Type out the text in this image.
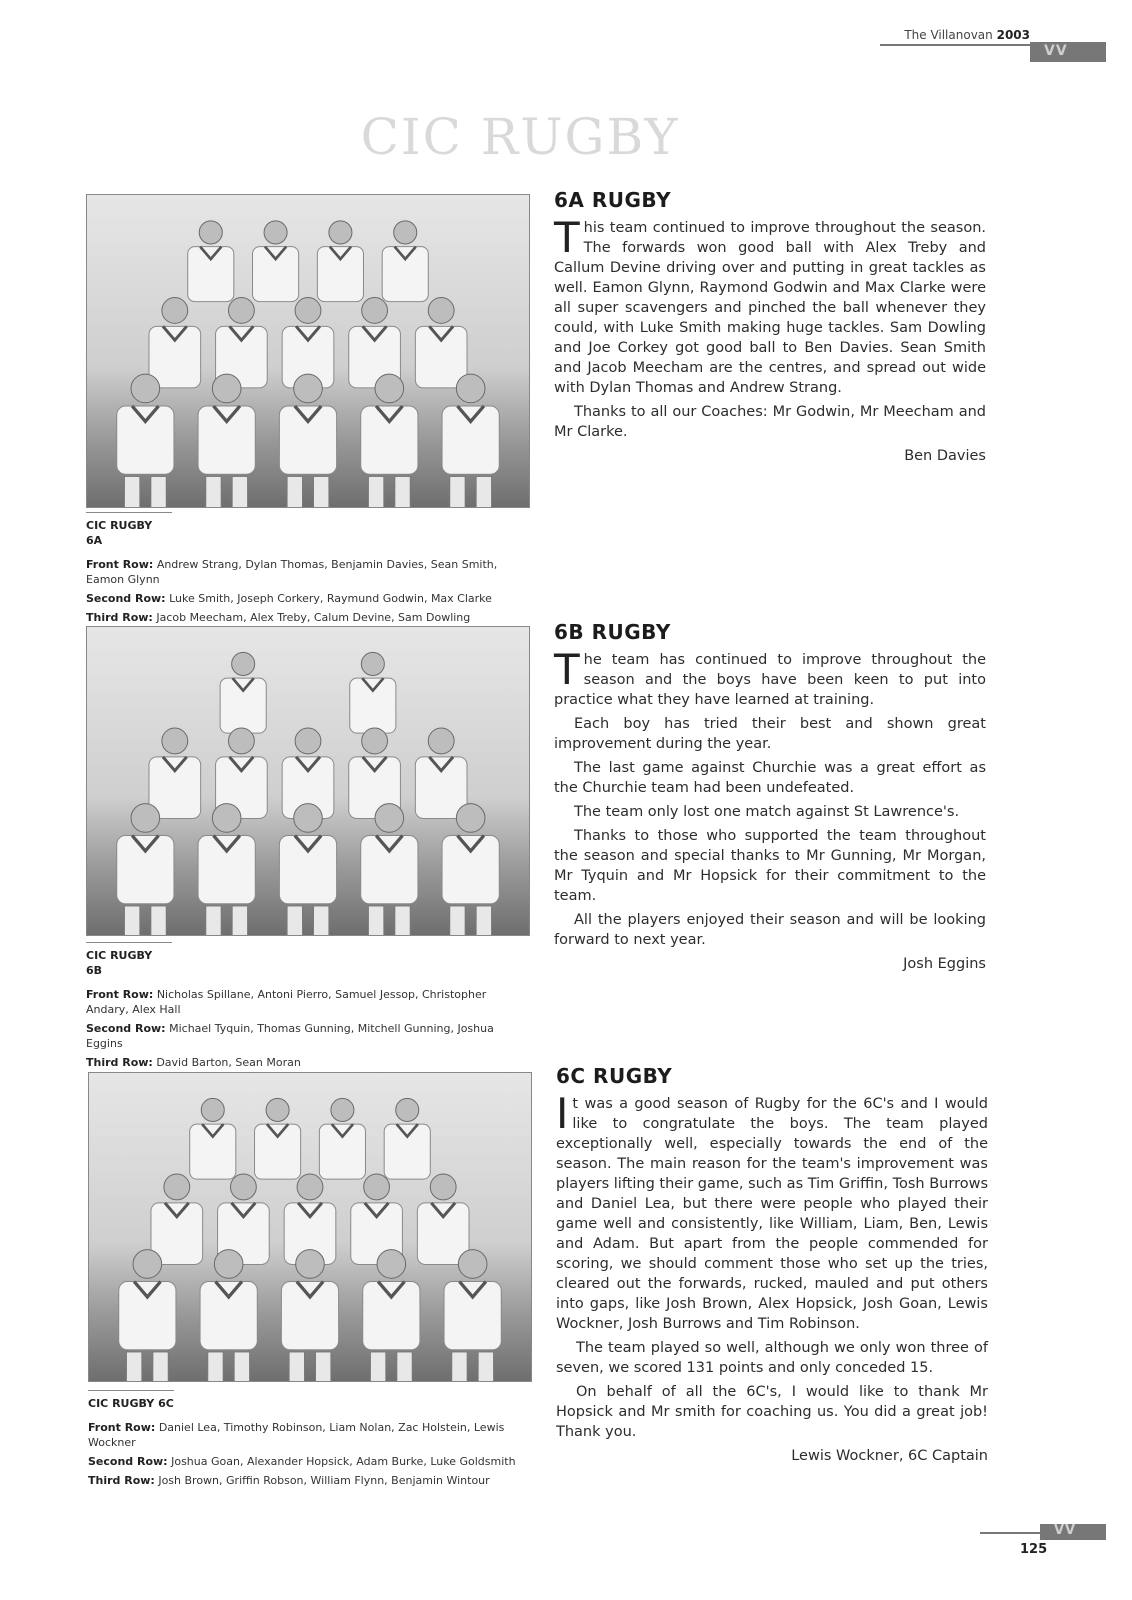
The Villanovan 2003
VV
CIC RUGBY
CIC RUGBY 6A
Front Row: Andrew Strang, Dylan Thomas, Benjamin Davies, Sean Smith, Eamon Glynn
Second Row: Luke Smith, Joseph Corkery, Raymund Godwin, Max Clarke
Third Row: Jacob Meecham, Alex Treby, Calum Devine, Sam Dowling
6A RUGBY

This team continued to improve throughout the season. The forwards won good ball with Alex Treby and Callum Devine driving over and putting in great tackles as well. Eamon Glynn, Raymond Godwin and Max Clarke were all super scavengers and pinched the ball whenever they could, with Luke Smith making huge tackles. Sam Dowling and Joe Corkey got good ball to Ben Davies. Sean Smith and Jacob Meecham are the centres, and spread out wide with Dylan Thomas and Andrew Strang.

Thanks to all our Coaches: Mr Godwin, Mr Meecham and Mr Clarke.

Ben Davies
CIC RUGBY 6B
Front Row: Nicholas Spillane, Antoni Pierro, Samuel Jessop, Christopher Andary, Alex Hall
Second Row: Michael Tyquin, Thomas Gunning, Mitchell Gunning, Joshua Eggins
Third Row: David Barton, Sean Moran
6B RUGBY

The team has continued to improve throughout the season and the boys have been keen to put into practice what they have learned at training.

Each boy has tried their best and shown great improvement during the year.

The last game against Churchie was a great effort as the Churchie team had been undefeated.

The team only lost one match against St Lawrence's.

Thanks to those who supported the team throughout the season and special thanks to Mr Gunning, Mr Morgan, Mr Tyquin and Mr Hopsick for their commitment to the team.

All the players enjoyed their season and will be looking forward to next year.

Josh Eggins
CIC RUGBY 6C
Front Row: Daniel Lea, Timothy Robinson, Liam Nolan, Zac Holstein, Lewis Wockner
Second Row: Joshua Goan, Alexander Hopsick, Adam Burke, Luke Goldsmith
Third Row: Josh Brown, Griffin Robson, William Flynn, Benjamin Wintour
6C RUGBY

It was a good season of Rugby for the 6C's and I would like to congratulate the boys. The team played exceptionally well, especially towards the end of the season. The main reason for the team's improvement was players lifting their game, such as Tim Griffin, Tosh Burrows and Daniel Lea, but there were people who played their game well and consistently, like William, Liam, Ben, Lewis and Adam. But apart from the people commended for scoring, we should comment those who set up the tries, cleared out the forwards, rucked, mauled and put others into gaps, like Josh Brown, Alex Hopsick, Josh Goan, Lewis Wockner, Josh Burrows and Tim Robinson.

The team played so well, although we only won three of seven, we scored 131 points and only conceded 15.

On behalf of all the 6C's, I would like to thank Mr Hopsick and Mr smith for coaching us. You did a great job! Thank you.

Lewis Wockner, 6C Captain
VV
125
